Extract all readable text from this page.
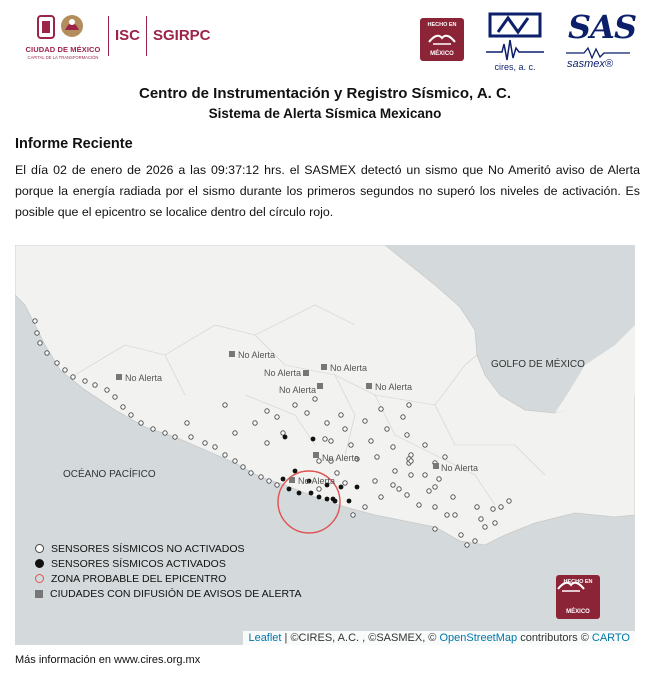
CIUDAD DE MÉXICO
CAPITAL DE LA TRANSFORMACIÓN
ISC SGIRPC
HECHO EN
MÉXICO
cires, a. c.
SAS
sasmex®
Centro de Instrumentación y Registro Sísmico, A. C.
Sistema de Alerta Sísmica Mexicano
Informe Reciente
El día 02 de enero de 2026 a las 09:37:12 hrs. el SASMEX detectó un sismo que No Ameritó aviso de Alerta porque la energía radiada por el sismo durante los primeros segundos no superó los niveles de activación. Es posible que el epicentro se localice dentro del círculo rojo.
No Alerta
No Alerta
No Alerta
No Alerta
No Alerta	No Alerta
No Alerta
No Alerta
No Alerta
OCÉANO PACÍFICO
GOLFO DE MÉXICO
SENSORES SÍSMICOS NO ACTIVADOS
SENSORES SÍSMICOS ACTIVADOS
ZONA PROBABLE DEL EPICENTRO
CIUDADES CON DIFUSIÓN DE AVISOS DE ALERTA
HECHO EN
MÉXICO
Leaflet | ©CIRES, A.C. , ©SASMEX, © OpenStreetMap contributors © CARTO
Más información en www.cires.org.mx
